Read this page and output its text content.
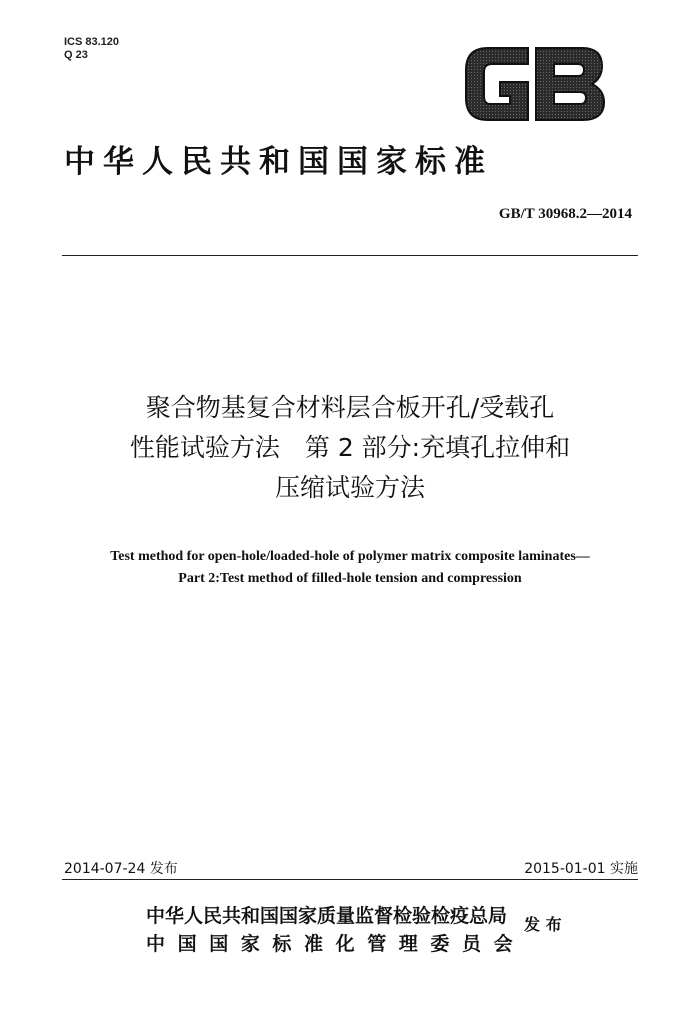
ICS 83.120
Q 23
中华人民共和国国家标准
GB/T 30968.2—2014
聚合物基复合材料层合板开孔/受载孔
性能试验方法　第 2 部分:充填孔拉伸和
压缩试验方法
Test method for open-hole/loaded-hole of polymer matrix composite laminates—
Part 2:Test method of filled-hole tension and compression
2014-07-24 发布	2015-01-01 实施
中华人民共和国国家质量监督检验检疫总局
中国国家标准化管理委员会
发 布
